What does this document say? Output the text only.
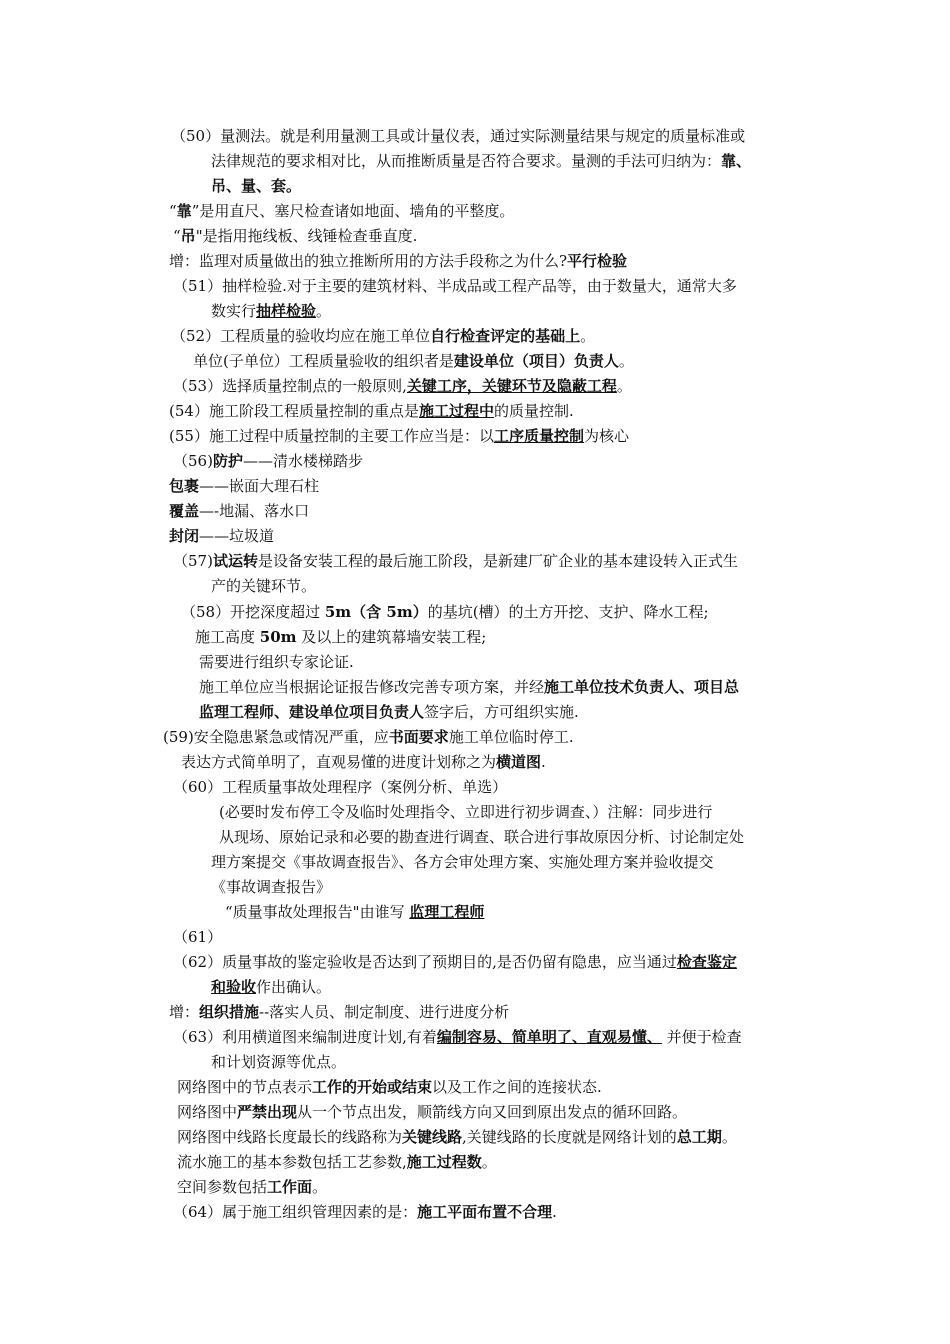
（50）量测法。就是利用量测工具或计量仪表，通过实际测量结果与规定的质量标准或
法律规范的要求相对比，从而推断质量是否符合要求。量测的手法可归纳为：靠、
吊、量、套。
“靠”是用直尺、塞尺检查诸如地面、墙角的平整度。
“吊"是指用拖线板、线锤检查垂直度.
增：监理对质量做出的独立推断所用的方法手段称之为什么?平行检验
（51）抽样检验.对于主要的建筑材料、半成品或工程产品等，由于数量大，通常大多
数实行抽样检验。
（52）工程质量的验收均应在施工单位自行检查评定的基础上。
单位(子单位）工程质量验收的组织者是建设单位（项目）负责人。
（53）选择质量控制点的一般原则,关键工序，关键环节及隐蔽工程。
(54）施工阶段工程质量控制的重点是施工过程中的质量控制.
(55）施工过程中质量控制的主要工作应当是：以工序质量控制为核心
（56)防护——清水楼梯踏步
包裹——嵌面大理石柱
覆盖—-地漏、落水口
封闭——垃圾道
（57)试运转是设备安装工程的最后施工阶段，是新建厂矿企业的基本建设转入正式生
产的关键环节。
（58）开挖深度超过 5m（含 5m）的基坑(槽）的土方开挖、支护、降水工程;
施工高度 50m 及以上的建筑幕墙安装工程;
需要进行组织专家论证.
施工单位应当根据论证报告修改完善专项方案，并经施工单位技术负责人、项目总
监理工程师、建设单位项目负责人签字后，方可组织实施.
(59)安全隐患紧急或情况严重，应书面要求施工单位临时停工.
表达方式简单明了，直观易懂的进度计划称之为横道图.
（60）工程质量事故处理程序（案例分析、单选）
(必要时发布停工令及临时处理指令、立即进行初步调查、）注解：同步进行
从现场、原始记录和必要的勘查进行调查、联合进行事故原因分析、讨论制定处
理方案提交《事故调查报告》、各方会审处理方案、实施处理方案并验收提交
《事故调查报告》
“质量事故处理报告"由谁写 监理工程师
（61）
（62）质量事故的鉴定验收是否达到了预期目的,是否仍留有隐患，应当通过检查鉴定
和验收作出确认。
增：组织措施--落实人员、制定制度、进行进度分析
（63）利用横道图来编制进度计划,有着编制容易、简单明了、直观易懂、 并便于检查
和计划资源等优点。
网络图中的节点表示工作的开始或结束以及工作之间的连接状态.
网络图中严禁出现从一个节点出发，顺箭线方向又回到原出发点的循环回路。
网络图中线路长度最长的线路称为关键线路,关键线路的长度就是网络计划的总工期。
流水施工的基本参数包括工艺参数,施工过程数。
空间参数包括工作面。
（64）属于施工组织管理因素的是：施工平面布置不合理.
